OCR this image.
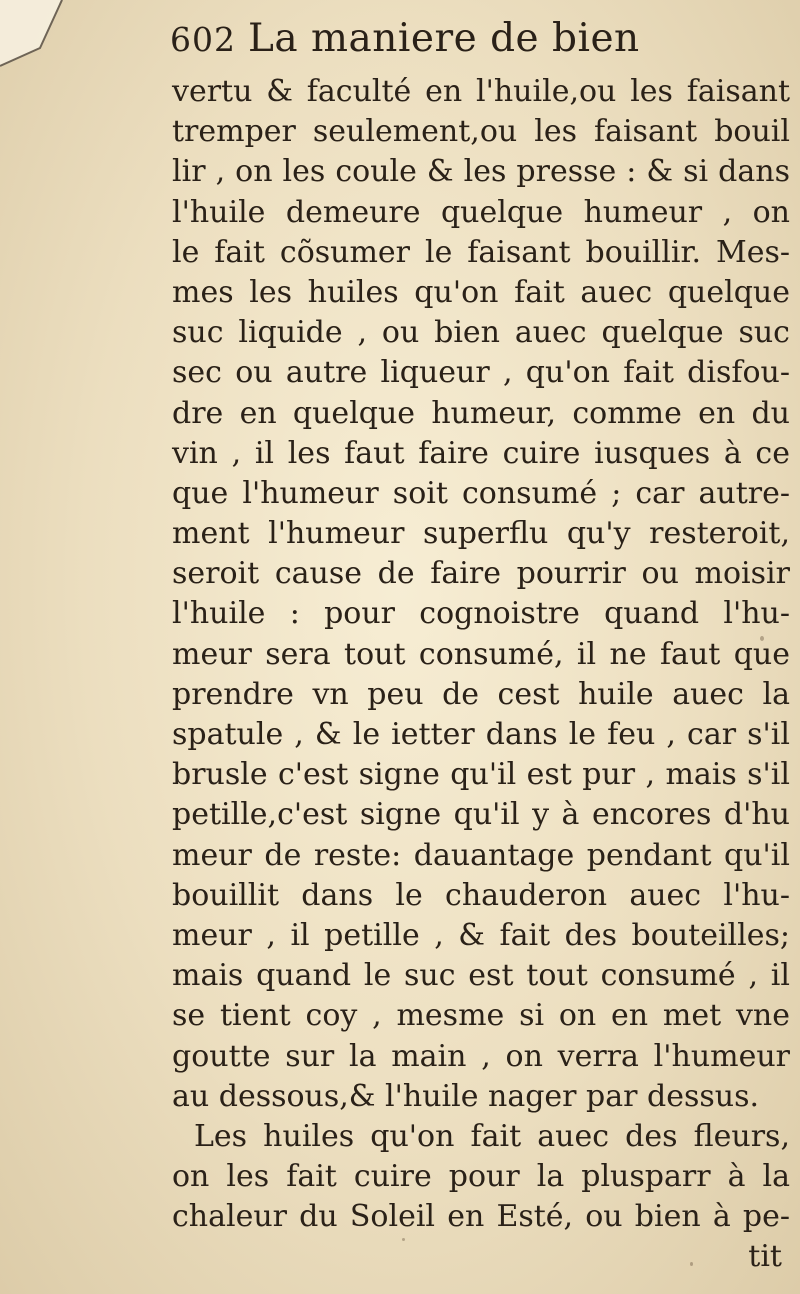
602 La maniere de bien
vertu & faculté en l'huile,ou les faisant
tremper seulement,ou les faisant bouil
lir , on les coule & les presse : & si dans
l'huile demeure quelque humeur , on
le fait cõsumer le faisant bouillir. Mes-
mes les huiles qu'on fait auec quelque
suc liquide , ou bien auec quelque suc
sec ou autre liqueur , qu'on fait disfou-
dre en quelque humeur, comme en du
vin , il les faut faire cuire iusques à ce
que l'humeur soit consumé ; car autre-
ment l'humeur superflu qu'y resteroit,
seroit cause de faire pourrir ou moisir
l'huile : pour cognoistre quand l'hu-
meur sera tout consumé, il ne faut que
prendre vn peu de cest huile auec la
spatule , & le ietter dans le feu , car s'il
brusle c'est signe qu'il est pur , mais s'il
petille,c'est signe qu'il y à encores d'hu
meur de reste: dauantage pendant qu'il
bouillit dans le chauderon auec l'hu-
meur , il petille , & fait des bouteilles;
mais quand le suc est tout consumé , il
se tient coy , mesme si on en met vne
goutte sur la main , on verra l'humeur
au dessous,& l'huile nager par dessus.
Les huiles qu'on fait auec des fleurs,
on les fait cuire pour la plusparr à la
chaleur du Soleil en Esté, ou bien à pe-
tit
